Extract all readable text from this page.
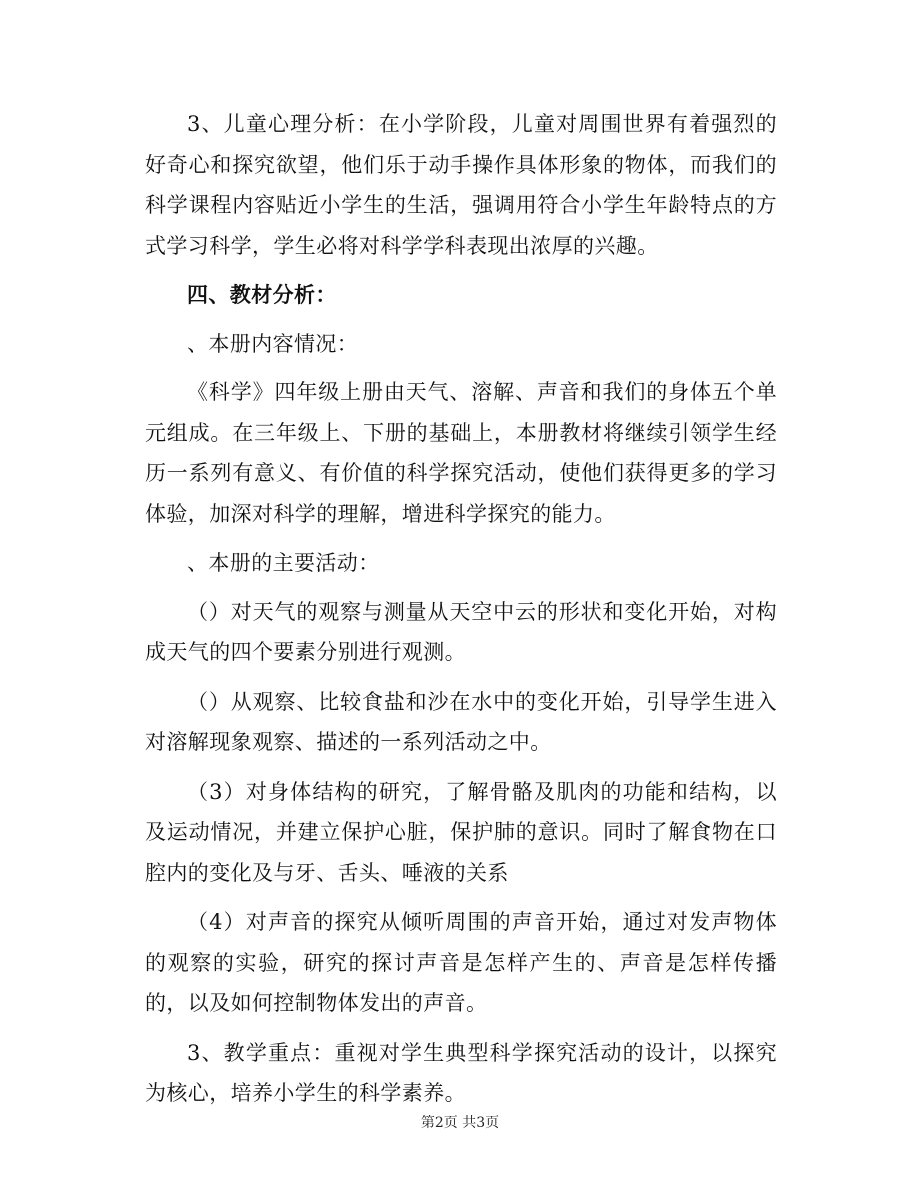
3、儿童心理分析：在小学阶段，儿童对周围世界有着强烈的好奇心和探究欲望，他们乐于动手操作具体形象的物体，而我们的科学课程内容贴近小学生的生活，强调用符合小学生年龄特点的方式学习科学，学生必将对科学学科表现出浓厚的兴趣。

四、教材分析：

、本册内容情况：

《科学》四年级上册由天气、溶解、声音和我们的身体五个单元组成。在三年级上、下册的基础上，本册教材将继续引领学生经历一系列有意义、有价值的科学探究活动，使他们获得更多的学习体验，加深对科学的理解，增进科学探究的能力。

、本册的主要活动：

（）对天气的观察与测量从天空中云的形状和变化开始，对构成天气的四个要素分别进行观测。

（）从观察、比较食盐和沙在水中的变化开始，引导学生进入对溶解现象观察、描述的一系列活动之中。

（3）对身体结构的研究，了解骨骼及肌肉的功能和结构，以及运动情况，并建立保护心脏，保护肺的意识。同时了解食物在口腔内的变化及与牙、舌头、唾液的关系

（4）对声音的探究从倾听周围的声音开始，通过对发声物体的观察的实验，研究的探讨声音是怎样产生的、声音是怎样传播的，以及如何控制物体发出的声音。

3、教学重点：重视对学生典型科学探究活动的设计，以探究为核心，培养小学生的科学素养。

第2页 共3页
